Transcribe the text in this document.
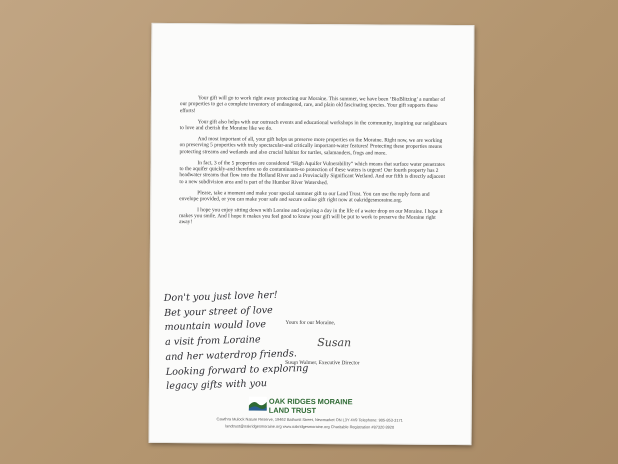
Your gift will go to work right away protecting our Moraine. This summer, we have been ‘BioBlitzing’ a number of our properties to get a complete inventory of endangered, rare, and plain old fascinating species. Your gift supports these efforts!

Your gift also helps with our outreach events and educational workshops in the community, inspiring our neighbours to love and cherish the Moraine like we do.

And most important of all, your gift helps us preserve more properties on the Moraine. Right now, we are working on preserving 5 properties with truly spectacular-and critically important-water features! Protecting these properties means protecting streams and wetlands and also crucial habitat for turtles, salamanders, frogs and more.

In fact, 3 of the 5 properties are considered “High Aquifer Vulnerability” which means that surface water penetrates to the aquifer quickly-and therefore so do contaminants-so protection of these waters is urgent! Our fourth property has 2 headwater streams that flow into the Holland River and a Provincially Significant Wetland. And our fifth is directly adjacent to a new subdivision area and is part of the Humber River Watershed.

Please, take a moment and make your special summer gift to our Land Trust. You can use the reply form and envelope provided, or you can make your safe and secure online gift right now at oakridgesmoraine.org.

I hope you enjoy sitting down with Loraine and enjoying a day in the life of a water drop on our Moraine. I hope it makes you smile. And I hope it makes you feel good to know your gift will be put to work to preserve the Moraine right away!

Yours for our Moraine,
Susan
Susan Walmer, Executive Director
Don't you just love her!
Bet your street of love
mountain would love
a visit from Loraine
and her waterdrop friends.
Looking forward to exploring
legacy gifts with you
OAK RIDGES MORAINE
LAND TRUST
Cawthra Mulock Nature Reserve, 19462 Bathurst Street, Newmarket ON L3Y 4V9 Telephone: 905-853-3171
landtrust@oakridgesmoraine.org www.oakridgesmoraine.org Charitable Registration #87320 8920
